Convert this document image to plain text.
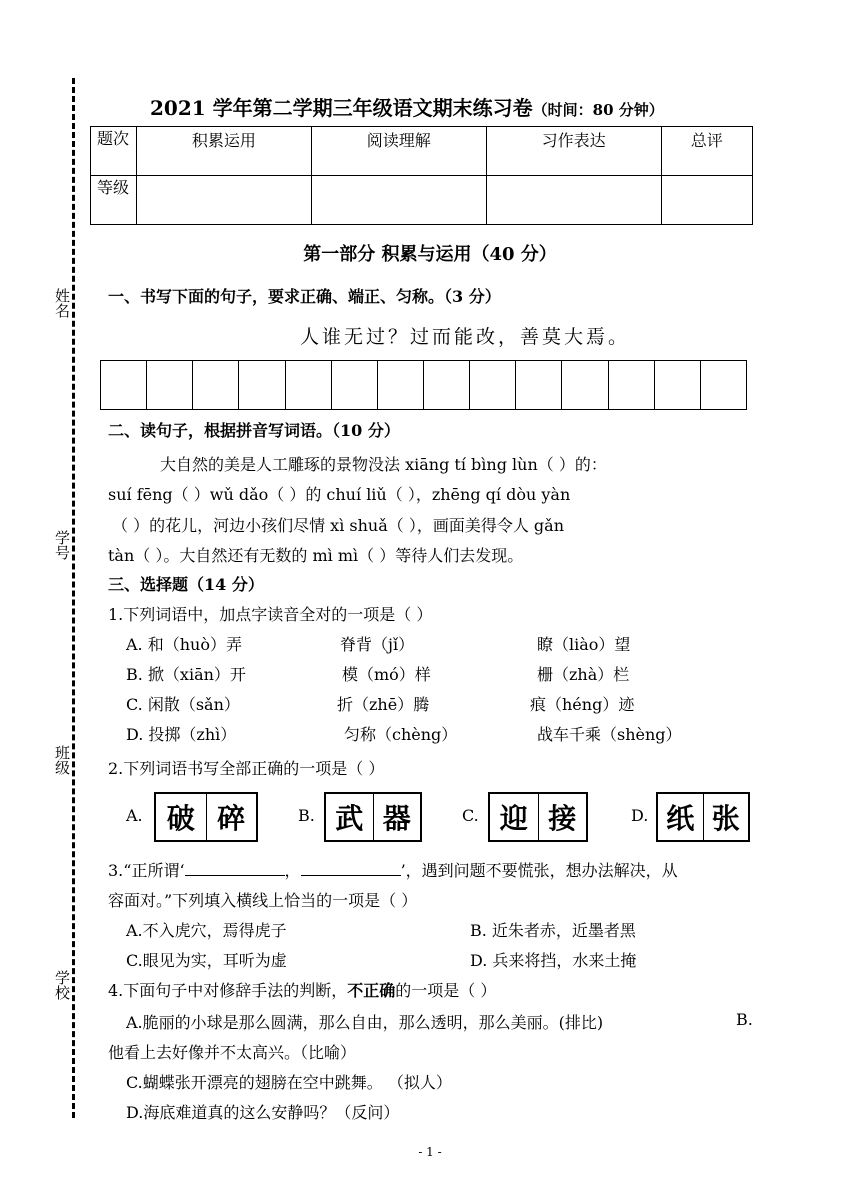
姓名
学号
班级
学校
2021 学年第二学期三年级语文期末练习卷（时间：80 分钟）
题次	积累运用	阅读理解	习作表达	总评
等级				
第一部分 积累与运用（40 分）
一、书写下面的句子，要求正确、端正、匀称。（3 分）
人谁无过？过而能改，善莫大焉。
二、读句子，根据拼音写词语。（10 分）
大自然的美是人工雕琢的景物没法 xiāng tí bìng lùn（ ）的：
suí fēng（ ）wǔ dǎo（ ）的 chuí liǔ（ ），zhēng qí dòu yàn
（ ）的花儿，河边小孩们尽情 xì shuǎ（ ），画面美得令人 gǎn
tàn（ ）。大自然还有无数的 mì mì（ ）等待人们去发现。
三、选择题（14 分）
1.下列词语中，加点字读音全对的一项是（ ）
A. 和（huò）弄	脊背（jǐ）	瞭（liào）望
B. 掀（xiān）开	模（mó）样	栅（zhà）栏
C. 闲散（sǎn）	折（zhē）腾	痕（héng）迹
D. 投掷（zhì）	匀称（chèng）	战车千乘（shèng）
2.下列词语书写全部正确的一项是（ ）
A. 破 碎	B. 武 器	C. 迎 接	D. 纸 张
3.“正所谓‘	，	’，遇到问题不要慌张，想办法解决，从
容面对。”下列填入横线上恰当的一项是（ ）
A.不入虎穴，焉得虎子	B. 近朱者赤，近墨者黑
C.眼见为实，耳听为虚	D. 兵来将挡，水来土掩
4.下面句子中对修辞手法的判断，不正确的一项是（ ）
A.脆丽的小球是那么圆满，那么自由，那么透明，那么美丽。(排比)	B.
他看上去好像并不太高兴。（比喻）
C.蝴蝶张开漂亮的翅膀在空中跳舞。 （拟人）
D.海底难道真的这么安静吗？（反问）
- 1 -
